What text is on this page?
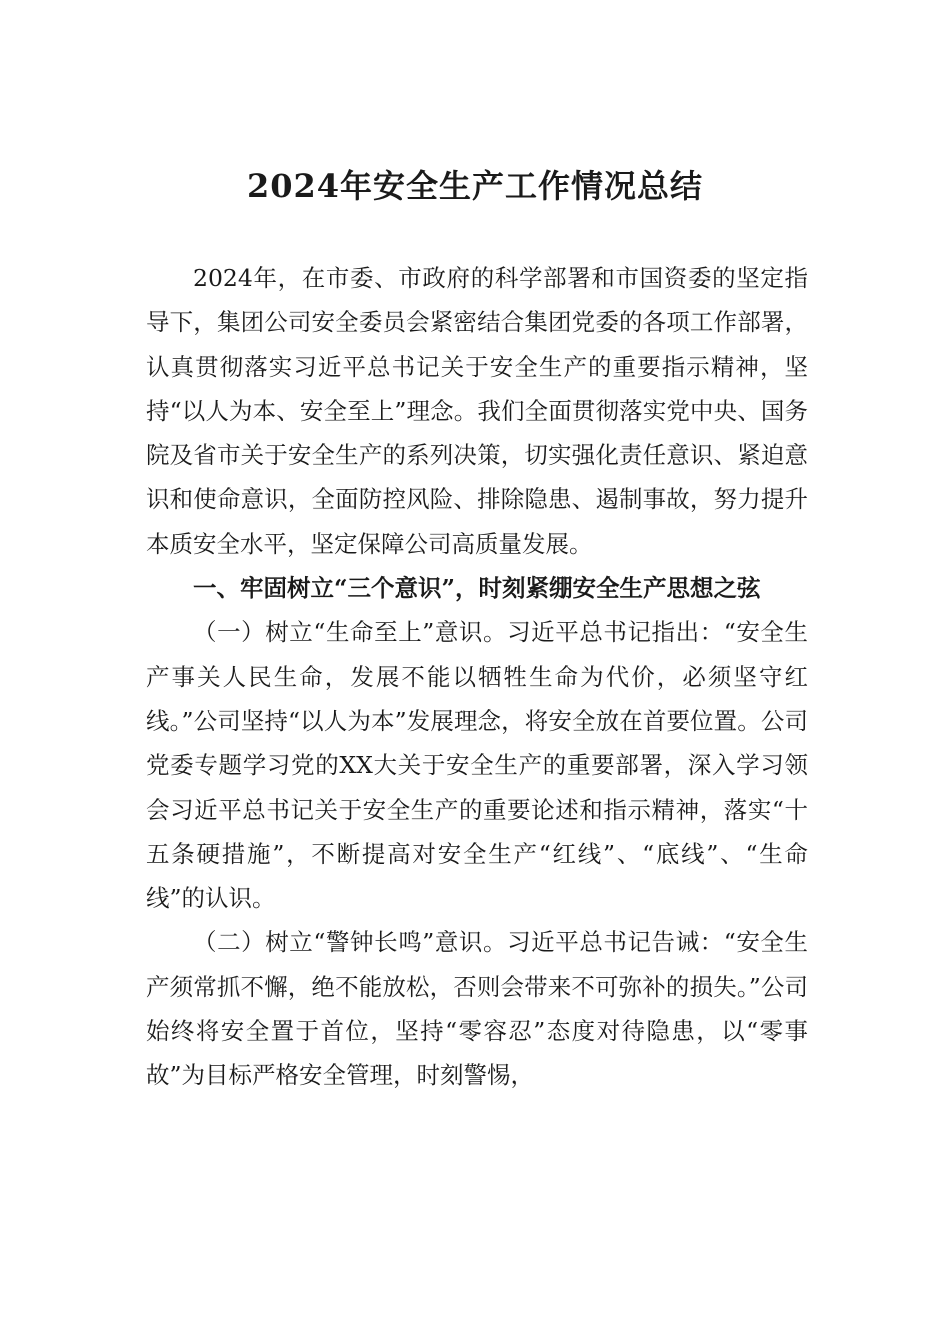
2024年安全生产工作情况总结

2024年，在市委、市政府的科学部署和市国资委的坚定指导下，集团公司安全委员会紧密结合集团党委的各项工作部署，认真贯彻落实习近平总书记关于安全生产的重要指示精神，坚持“以人为本、安全至上”理念。我们全面贯彻落实党中央、国务院及省市关于安全生产的系列决策，切实强化责任意识、紧迫意识和使命意识，全面防控风险、排除隐患、遏制事故，努力提升本质安全水平，坚定保障公司高质量发展。

一、牢固树立“三个意识”，时刻紧绷安全生产思想之弦

（一）树立“生命至上”意识。习近平总书记指出：“安全生产事关人民生命，发展不能以牺牲生命为代价，必须坚守红线。”公司坚持“以人为本”发展理念，将安全放在首要位置。公司党委专题学习党的XX大关于安全生产的重要部署，深入学习领会习近平总书记关于安全生产的重要论述和指示精神，落实“十五条硬措施”，不断提高对安全生产“红线”、“底线”、“生命线”的认识。

（二）树立“警钟长鸣”意识。习近平总书记告诫：“安全生产须常抓不懈，绝不能放松，否则会带来不可弥补的损失。”公司始终将安全置于首位，坚持“零容忍”态度对待隐患，以“零事故”为目标严格安全管理，时刻警惕，
